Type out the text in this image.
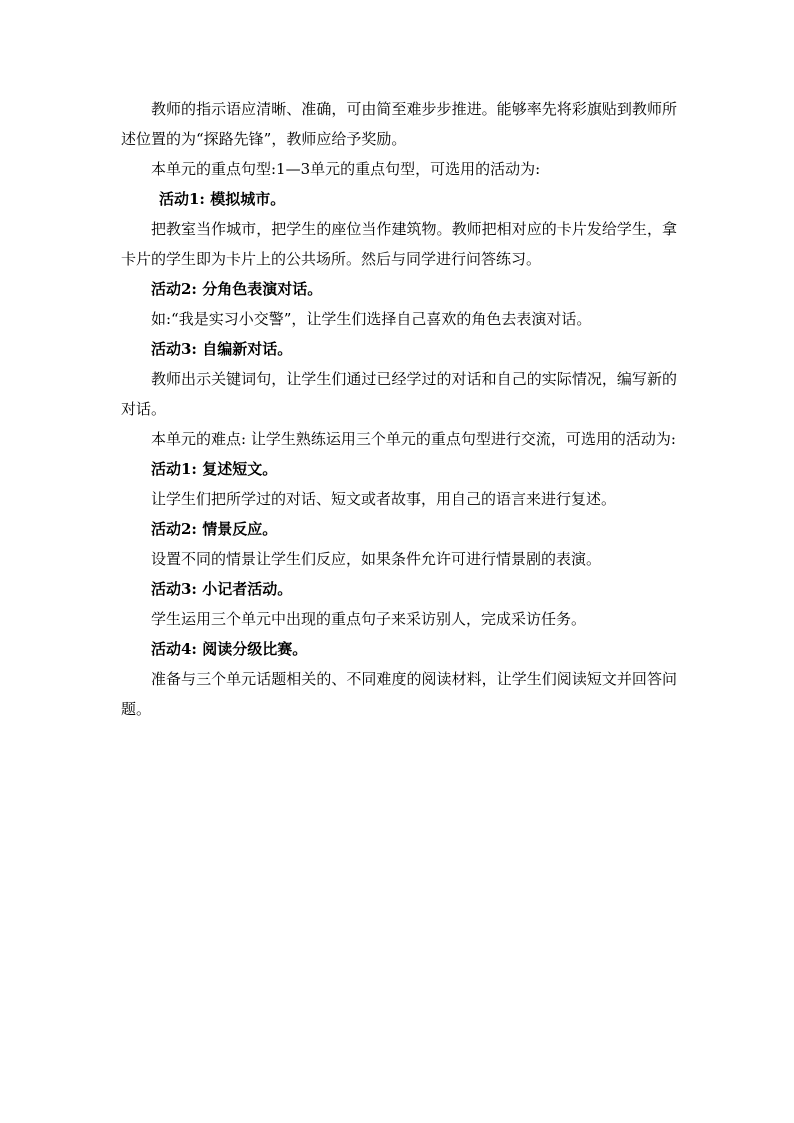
教师的指示语应清晰、准确，可由简至难步步推进。能够率先将彩旗贴到教师所述位置的为“探路先锋”，教师应给予奖励。

本单元的重点句型:1—3单元的重点句型，可选用的活动为:

活动1: 模拟城市。

把教室当作城市，把学生的座位当作建筑物。教师把相对应的卡片发给学生，拿卡片的学生即为卡片上的公共场所。然后与同学进行问答练习。

活动2: 分角色表演对话。

如:“我是实习小交警”，让学生们选择自己喜欢的角色去表演对话。

活动3: 自编新对话。

教师出示关键词句，让学生们通过已经学过的对话和自己的实际情况，编写新的对话。

本单元的难点: 让学生熟练运用三个单元的重点句型进行交流，可选用的活动为:

活动1: 复述短文。

让学生们把所学过的对话、短文或者故事，用自己的语言来进行复述。

活动2: 情景反应。

设置不同的情景让学生们反应，如果条件允许可进行情景剧的表演。

活动3: 小记者活动。

学生运用三个单元中出现的重点句子来采访别人，完成采访任务。

活动4: 阅读分级比赛。

准备与三个单元话题相关的、不同难度的阅读材料，让学生们阅读短文并回答问题。
